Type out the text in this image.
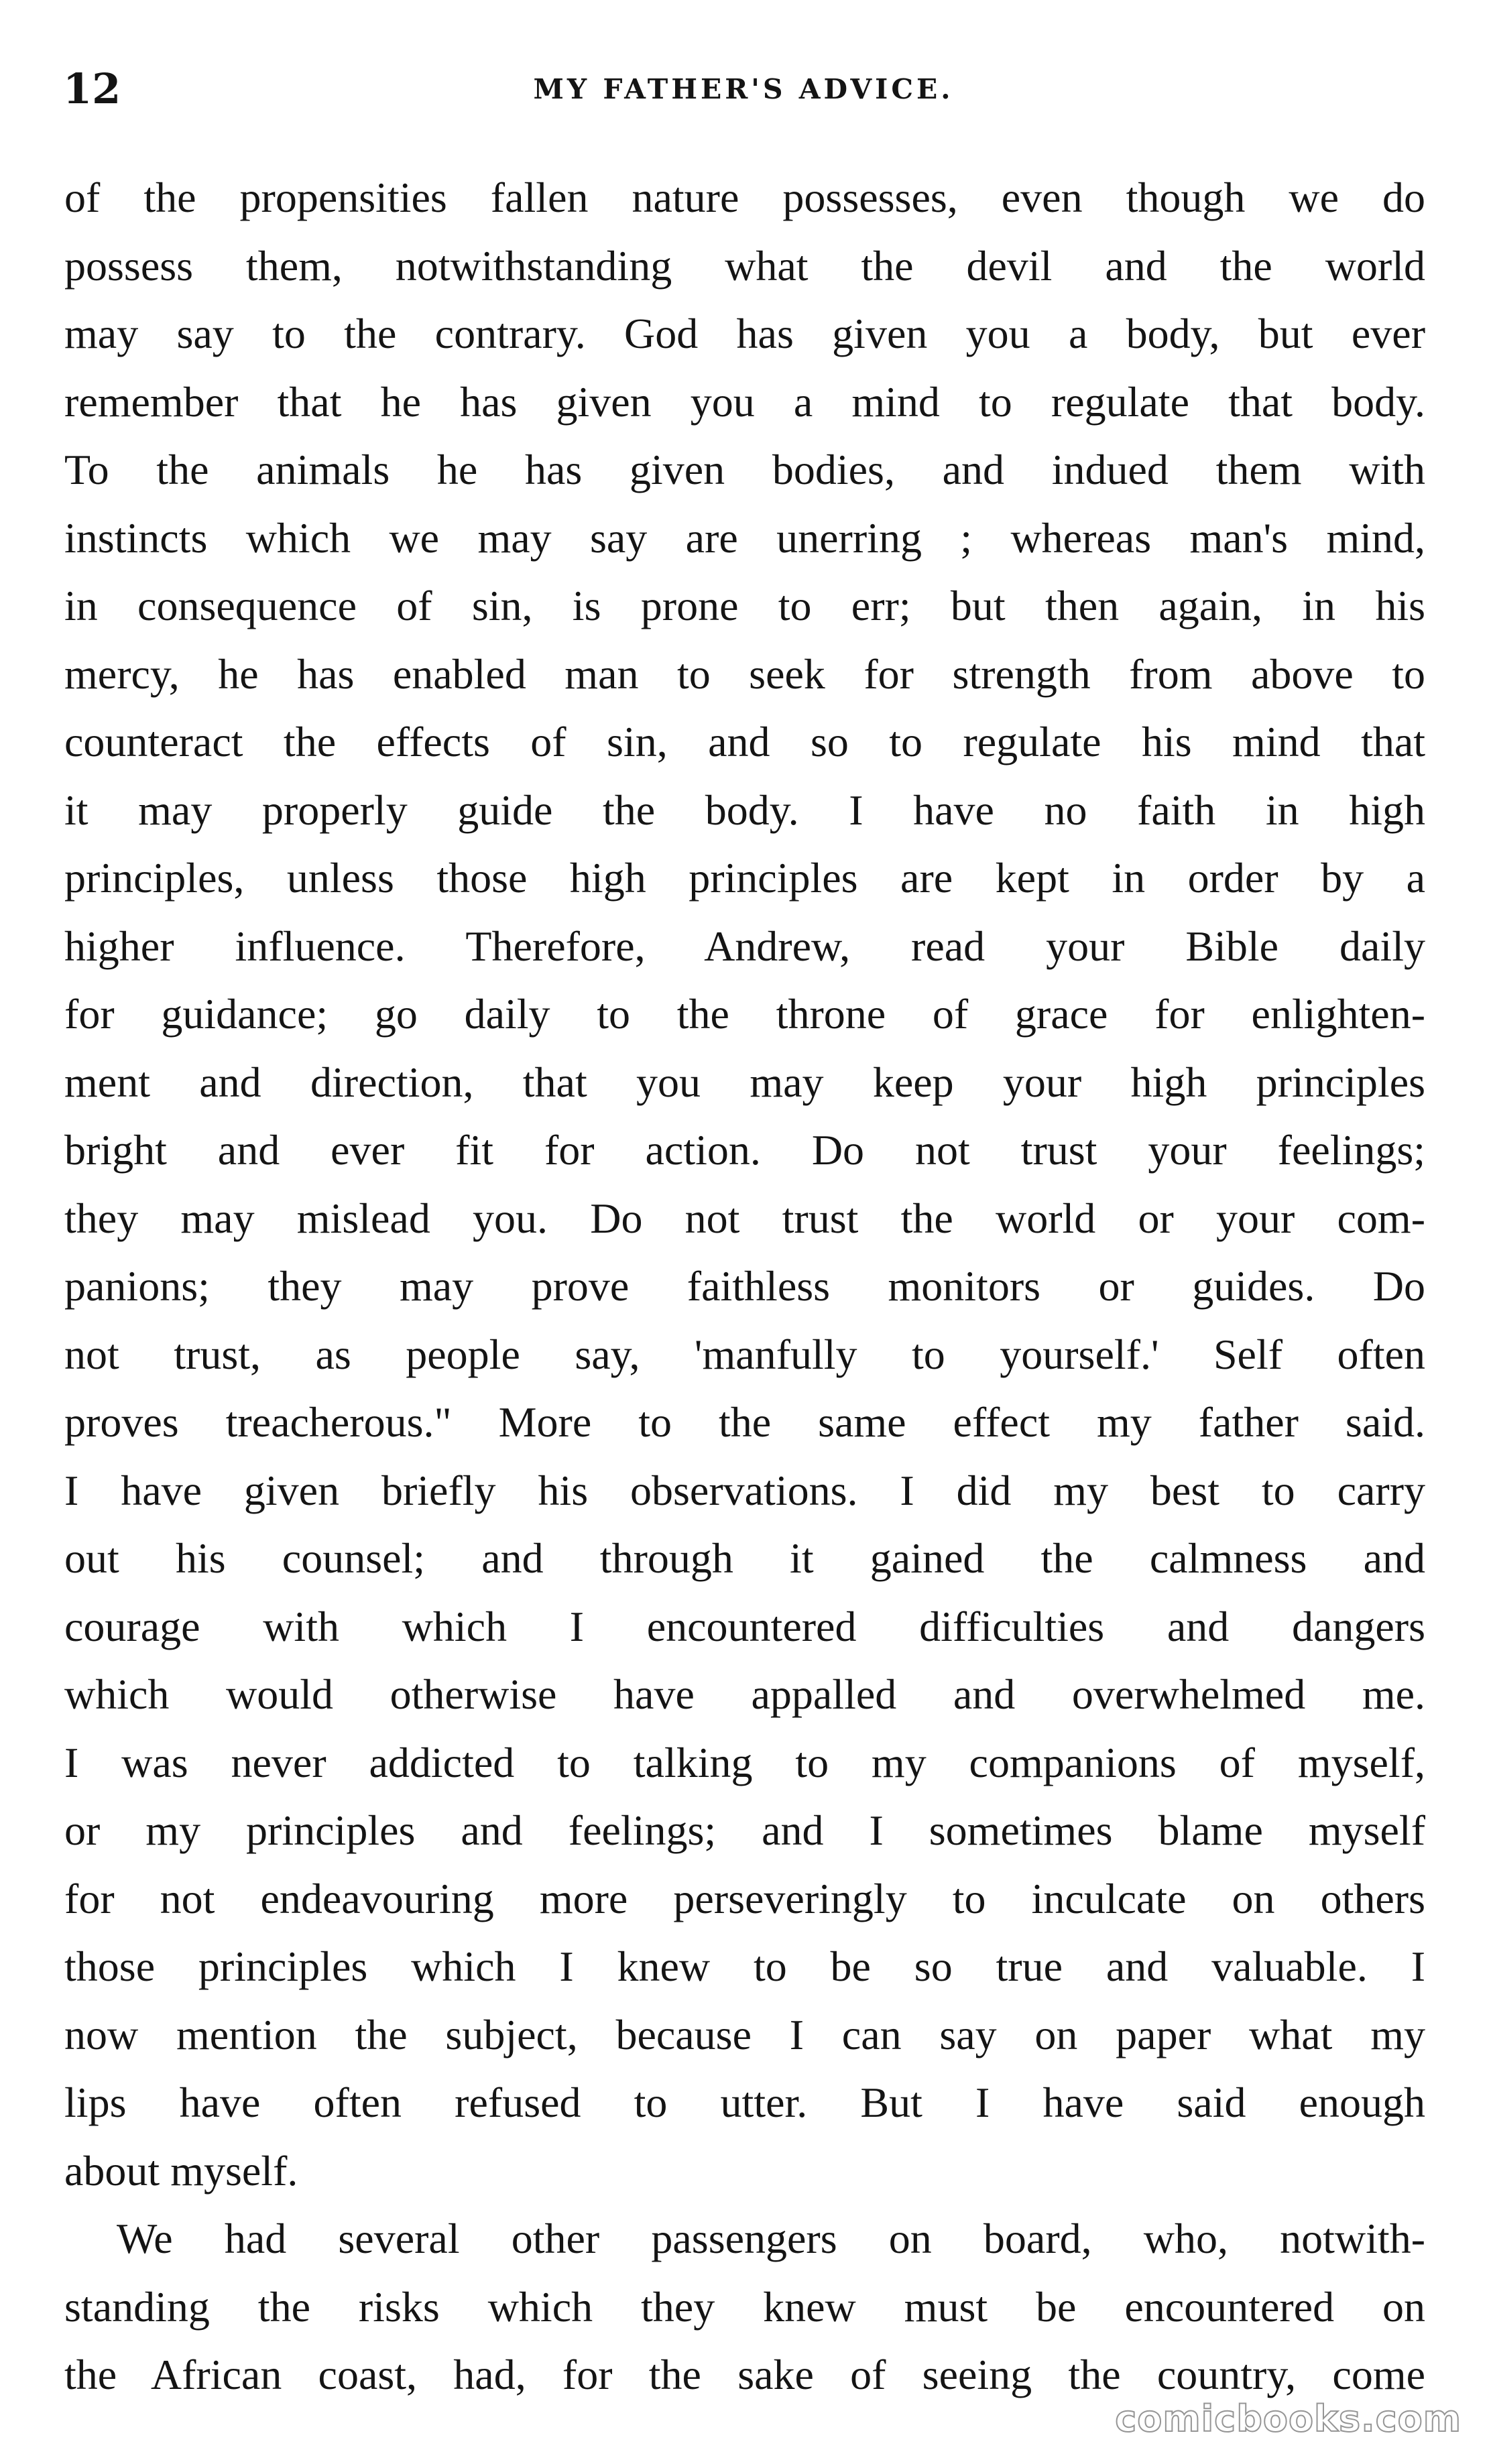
12	MY FATHER'S ADVICE.
of the propensities fallen nature possesses, even though we do
possess them, notwithstanding what the devil and the world
may say to the contrary. God has given you a body, but ever
remember that he has given you a mind to regulate that body.
To the animals he has given bodies, and indued them with
instincts which we may say are unerring ; whereas man's mind,
in consequence of sin, is prone to err; but then again, in his
mercy, he has enabled man to seek for strength from above to
counteract the effects of sin, and so to regulate his mind that
it may properly guide the body. I have no faith in high
principles, unless those high principles are kept in order by a
higher influence. Therefore, Andrew, read your Bible daily
for guidance; go daily to the throne of grace for enlighten-
ment and direction, that you may keep your high principles
bright and ever fit for action. Do not trust your feelings;
they may mislead you. Do not trust the world or your com-
panions; they may prove faithless monitors or guides. Do
not trust, as people say, 'manfully to yourself.' Self often
proves treacherous." More to the same effect my father said.
I have given briefly his observations. I did my best to carry
out his counsel; and through it gained the calmness and
courage with which I encountered difficulties and dangers
which would otherwise have appalled and overwhelmed me.
I was never addicted to talking to my companions of myself,
or my principles and feelings; and I sometimes blame myself
for not endeavouring more perseveringly to inculcate on others
those principles which I knew to be so true and valuable. I
now mention the subject, because I can say on paper what my
lips have often refused to utter. But I have said enough
about myself.
We had several other passengers on board, who, notwith-
standing the risks which they knew must be encountered on
the African coast, had, for the sake of seeing the country, come
comicbooks.com
